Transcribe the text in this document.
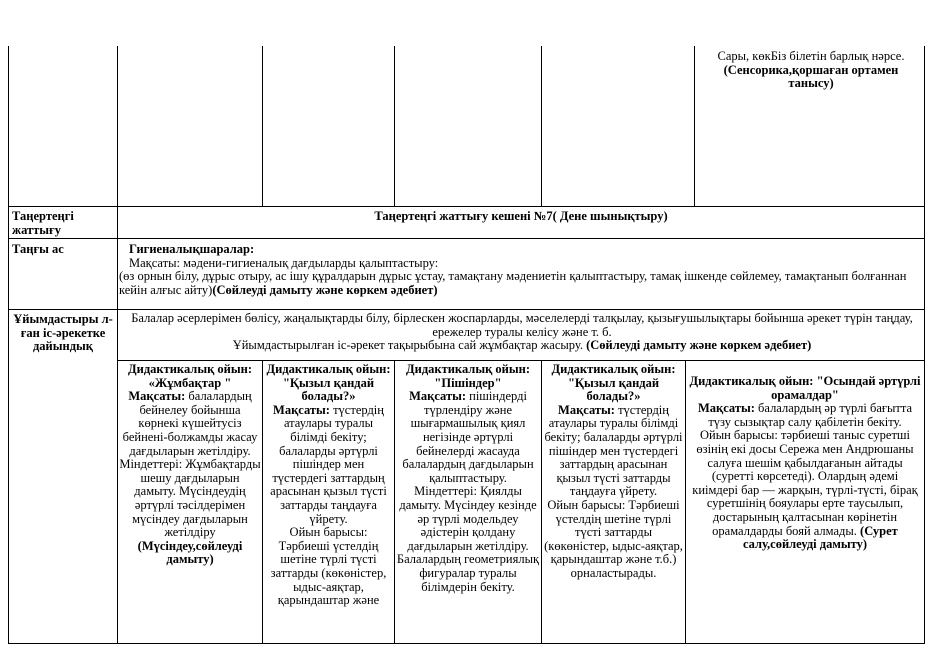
Сары, көкБіз білетін барлық нәрсе.(Сенсорика,қоршаған ортамен танысу)
Таңертеңгі жаттығу
Таңертеңгі жаттығу кешені №7( Дене шынықтыру)
Таңғы ас	Гигиеналықшаралар:

Мақсаты: мәдени-гигиеналық дағдыларды қалыптастыру:

(өз орнын білу, дұрыс отыру, ас ішу құралдарын дұрыс ұстау, тамақтану мәдениетін қалыптастыру, тамақ ішкенде сөйлемеу, тамақтанып болғаннан кейін алғыс айту)(Сөйлеуді дамыту және көркем әдебиет)

Ұйымдастыры л-ған іс-әрекетке дайындық

Балалар әсерлерімен бөлісу, жаңалықтарды білу, бірлескен жоспарларды, мәселелерді талқылау, қызығушылықтары бойынша әрекет түрін таңдау, ережелер туралы келісу және т. б.

Ұйымдастырылған іс-әрекет тақырыбына сай жұмбақтар жасыру. (Сөйлеуді дамыту және көркем әдебиет)

Дидактикалық ойын: «Жұмбақтар "

Мақсаты: балалардың бейнелеу бойынша көрнекі күшейтусіз бейнені-болжамды жасау дағдыларын жетілдіру.

Міндеттері: Жұмбақтарды шешу дағдыларын дамыту. Мүсіндеудің әртүрлі тәсілдерімен мүсіндеу дағдыларын жетілдіру

(Мүсіндеу,сөйлеуді дамыту)

Дидактикалық ойын: "Қызыл қандай болады?»

Мақсаты: түстердің атаулары туралы білімді бекіту; балаларды әртүрлі пішіндер мен түстердегі заттардың арасынан қызыл түсті заттарды таңдауға үйрету.

Ойын барысы: Тәрбиеші үстелдің шетіне түрлі түсті заттарды (көкөністер, ыдыс-аяқтар, қарындаштар және

Дидактикалық ойын: "Пішіндер"

Мақсаты: пішіндерді түрлендіру және шығармашылық қиял негізінде әртүрлі бейнелерді жасауда балалардың дағдыларын қалыптастыру.

Міндеттері: Қиялды дамыту. Мүсіндеу кезінде әр түрлі модельдеу әдістерін қолдану дағдыларын жетілдіру. Балалардың геометриялық фигуралар туралы білімдерін бекіту.

Дидактикалық ойын: "Қызыл қандай болады?»

Мақсаты: түстердің атаулары туралы білімді бекіту; балаларды әртүрлі пішіндер мен түстердегі заттардың арасынан қызыл түсті заттарды таңдауға үйрету.

Ойын барысы: Тәрбиеші үстелдің шетіне түрлі түсті заттарды (көкөністер, ыдыс-аяқтар, қарындаштар және т.б.) орналастырады.

Дидактикалық ойын: "Осындай әртүрлі орамалдар"

Мақсаты: балалардың әр түрлі бағытта түзу сызықтар салу қабілетін бекіту.

Ойын барысы: тәрбиеші таныс суретші өзінің екі досы Сережа мен Андрюшаны салуға шешім қабылдағанын айтады (суретті көрсетеді). Олардың әдемі киімдері бар — жарқын, түрлі-түсті, бірақ суретшінің бояулары ерте таусылып, достарының қалтасынан көрінетін орамалдарды бояй алмады. (Сурет салу,сөйлеуді дамыту)
